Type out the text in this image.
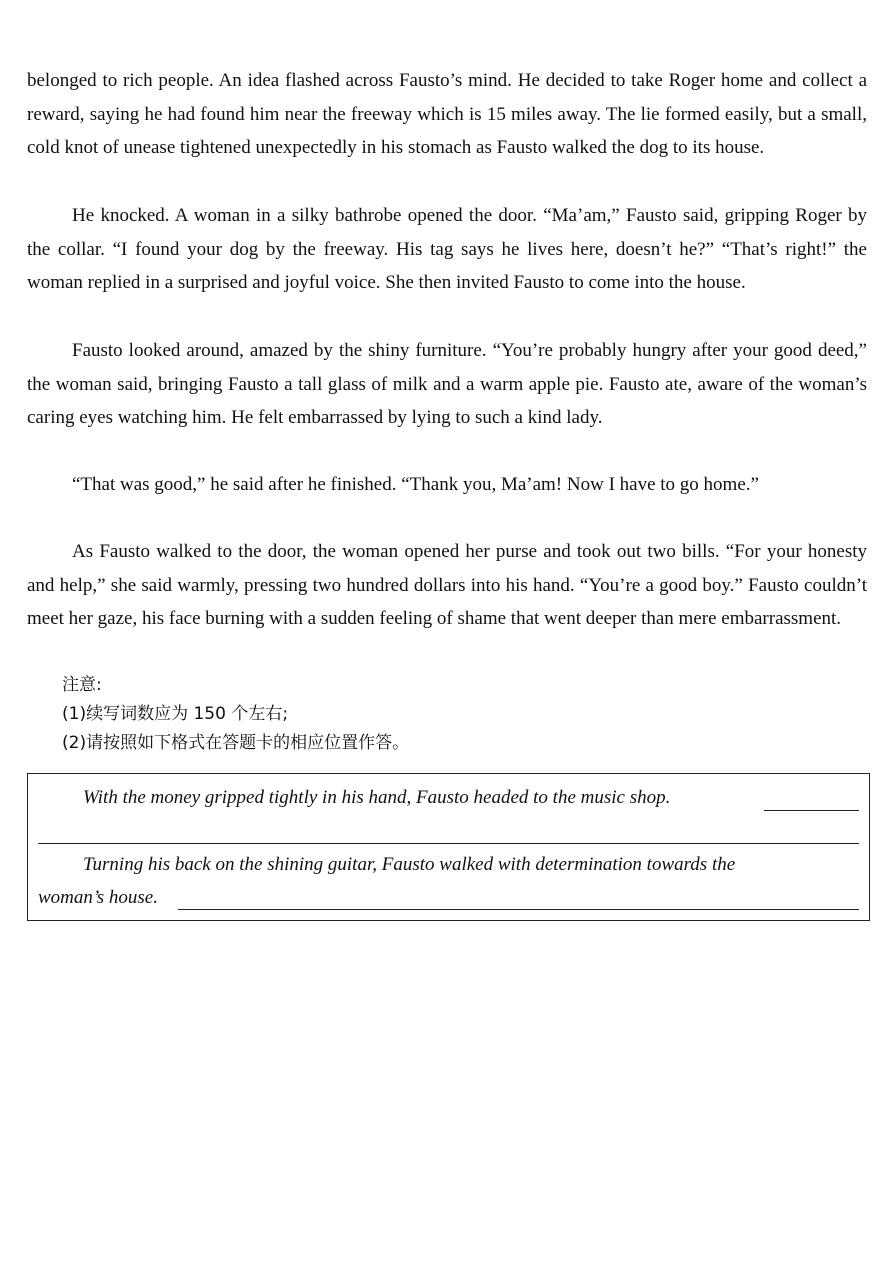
belonged to rich people. An idea flashed across Fausto’s mind. He decided to take Roger home and collect a reward, saying he had found him near the freeway which is 15 miles away. The lie formed easily, but a small, cold knot of unease tightened unexpectedly in his stomach as Fausto walked the dog to its house.

He knocked. A woman in a silky bathrobe opened the door. “Ma’am,” Fausto said, gripping Roger by the collar. “I found your dog by the freeway. His tag says he lives here, doesn’t he?” “That’s right!” the woman replied in a surprised and joyful voice. She then invited Fausto to come into the house.

Fausto looked around, amazed by the shiny furniture. “You’re probably hungry after your good deed,” the woman said, bringing Fausto a tall glass of milk and a warm apple pie. Fausto ate, aware of the woman’s caring eyes watching him. He felt embarrassed by lying to such a kind lady.

“That was good,” he said after he finished. “Thank you, Ma’am! Now I have to go home.”

As Fausto walked to the door, the woman opened her purse and took out two bills. “For your honesty and help,” she said warmly, pressing two hundred dollars into his hand. “You’re a good boy.” Fausto couldn’t meet her gaze, his face burning with a sudden feeling of shame that went deeper than mere embarrassment.

注意:
(1)续写词数应为 150 个左右;
(2)请按照如下格式在答题卡的相应位置作答。
With the money gripped tightly in his hand, Fausto headed to the music shop.
Turning his back on the shining guitar, Fausto walked with determination towards the
woman’s house.
